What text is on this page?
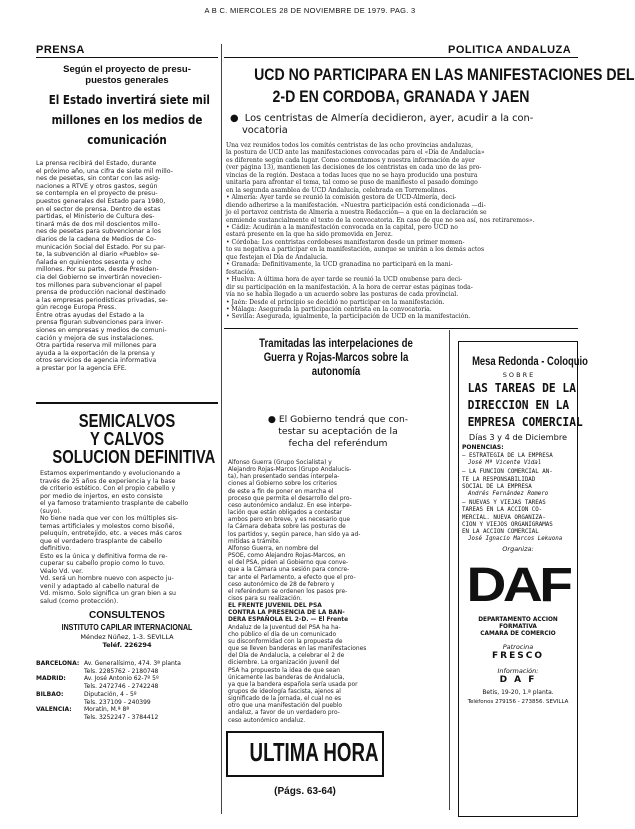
A B C. MIERCOLES 28 DE NOVIEMBRE DE 1979. PAG. 3
PRENSA	POLITICA ANDALUZA
Según el proyecto de presu-
puestos generales
El Estado invertirá siete mil
millones en los medios de
comunicación
La prensa recibirá del Estado, durante
el próximo año, una cifra de siete mil millo-
nes de pesetas, sin contar con las asig-
naciones a RTVE y otros gastos, según
se contempla en el proyecto de presu-
puestos generales del Estado para 1980,
en el sector de prensa. Dentro de estas
partidas, el Ministerio de Cultura des-
tinará más de dos mil doscientos millo-
nes de pesetas para subvencionar a los
diarios de la cadena de Medios de Co-
municación Social del Estado. Por su par-
te, la subvención al diario «Pueblo» se-
ñalada en quinientos sesenta y ocho
millones. Por su parte, desde Presiden-
cia del Gobierno se invertirán novecien-
tos millones para subvencionar el papel
prensa de producción nacional destinado
a las empresas periodísticas privadas, se-
gún recoge Europa Press.
Entre otras ayudas del Estado a la
prensa figuran subvenciones para inver-
siones en empresas y medios de comuni-
cación y mejora de sus instalaciones.
Otra partida reserva mil millones para
ayuda a la exportación de la prensa y
otros servicios de agencia informativa
a prestar por la agencia EFE.
SEMICALVOS
Y CALVOS
SOLUCION DEFINITIVA
Estamos experimentando y evolucionando a
través de 25 años de experiencia y la base
de criterio estético. Con el propio cabello y
por medio de injertos, en esto consiste
el ya famoso tratamiento trasplante de cabello
(suyo).
No tiene nada que ver con los múltiples sis-
temas artificiales y molestos como bisoñé,
peluquín, entretejido, etc. a veces más caros
que el verdadero trasplante de cabello
definitivo.
Esto es la única y definitiva forma de re-
cuperar su cabello propio como lo tuvo.
Véalo Vd. ver.
Vd. será un hombre nuevo con aspecto ju-
venil y adaptado al cabello natural de
Vd. mismo. Solo significa un gran bien a su
salud (como protección).
CONSULTENOS
INSTITUTO CAPILAR INTERNACIONAL
Méndez Núñez, 1-3. SEVILLA
Teléf. 226294
BARCELONA: Av. Generalísimo, 474. 3ª planta
Tels. 2285762 - 2180748
MADRID:	Av. José Antonio 62-7º 5º
Tels. 2472746 - 2742248
BILBAO:	Diputación, 4 - 5º
Tels. 237109 - 240399
VALENCIA:	Moratín, M.ª 8ª
Tels. 3252247 - 3784412
UCD NO PARTICIPARA EN LAS MANIFESTACIONES DEL
2-D EN CORDOBA, GRANADA Y JAEN
●  Los centristas de Almería decidieron, ayer, acudir a la con-
vocatoria
Una vez reunidos todos los comités centristas de las ocho provincias andaluzas,
la postura de UCD ante las manifestaciones convocadas para el «Día de Andalucía»
es diferente según cada lugar. Como comentamos y nuestra información de ayer
(ver página 13), mantienen las decisiones de los centristas en cada uno de las pro-
vincias de la región. Destaca a todas luces que no se haya producido una postura
unitaria para afrontar el tema, tal como se puso de manifiesto el pasado domingo
en la segunda asamblea de UCD Andalucía, celebrada en Torremolinos.
• Almería: Ayer tarde se reunió la comisión gestora de UCD-Almería, deci-
diendo adherirse a la manifestación. «Nuestra participación está condicionada —di-
jo el portavoz centrista de Almería a nuestra Redacción— a que en la declaración se
enmiende sustancialmente el texto de la convocatoria. En caso de que no sea así, nos retiraremos».
• Cádiz: Acudirán a la manifestación convocada en la capital, pero UCD no
estará presente en la que ha sido promovida en Jerez.
• Córdoba: Los centristas cordobeses manifestaron desde un primer momen-
to su negativa a participar en la manifestación, aunque se unirán a los demás actos
que festejan el Día de Andalucía.
• Granada: Definitivamente, la UCD granadina no participará en la mani-
festación.
• Huelva: A última hora de ayer tarde se reunió la UCD onubense para deci-
dir su participación en la manifestación. A la hora de cerrar estas páginas toda-
vía no se había llegado a un acuerdo sobre las posturas de cada provincial.
• Jaén: Desde el principio se decidió no participar en la manifestación.
• Málaga: Asegurada la participación centrista en la convocatoria.
• Sevilla: Asegurada, igualmente, la participación de UCD en la manifestación.
Tramitadas las interpelaciones de
Guerra y Rojas-Marcos sobre la
autonomía
● El Gobierno tendrá que con-
testar su aceptación de la
fecha del referéndum
Alfonso Guerra (Grupo Socialista) y
Alejandro Rojas-Marcos (Grupo Andalucis-
ta), han presentado sendas interpela-
ciones al Gobierno sobre los criterios
de este a fin de poner en marcha el
proceso que permita el desarrollo del pro-
ceso autonómico andaluz. En ese interpe-
lación que están obligados a contestar
ambos pero en breve, y es necesario que
la Cámara debata sobre las posturas de
los partidos y, según parece, han sido ya ad-
mitidas a trámite.
Alfonso Guerra, en nombre del
PSOE, como Alejandro Rojas-Marcos, en
el del PSA, piden al Gobierno que conve-
que a la Cámara una sesión para concre-
tar ante el Parlamento, a efecto que el pro-
ceso autonómico de 28 de febrero y
el referéndum se ordenen los pasos pre-
cisos para su realización.
EL FRENTE JUVENIL DEL PSA
CONTRA LA PRESENCIA DE LA BAN-
DERA ESPAÑOLA EL 2-D. — El Frente
Andaluz de la Juventud del PSA ha ha-
cho público el día de un comunicado
su disconformidad con la propuesta de
que se lleven banderas en las manifestaciones
del Día de Andalucía, a celebrar el 2 de
diciembre. La organización juvenil del
PSA ha propuesto la idea de que sean
únicamente las banderas de Andalucía,
ya que la bandera española sería usada por
grupos de ideología fascista, ajenos al
significado de la jornada, el cual no es
otro que una manifestación del pueblo
andaluz, a favor de un verdadero pro-
ceso autonómico andaluz.
ULTIMA HORA
(Págs. 63-64)
Mesa Redonda - Coloquio
S O B R E
LAS TAREAS DE LA
DIRECCION EN LA
EMPRESA COMERCIAL
Días 3 y 4 de Diciembre
PONENCIAS:
— ESTRATEGIA DE LA EMPRESA
José Mª Vicente Vidal
— LA FUNCION COMERCIAL AN-
TE LA RESPONSABILIDAD
SOCIAL DE LA EMPRESA
Andrés Fernández Romero
— NUEVAS Y VIEJAS TAREAS
TAREAS EN LA ACCION CO-
MERCIAL. NUEVA ORGANIZA-
CION Y VIEJOS ORGANIGRAMAS
EN LA ACCION COMERCIAL
José Ignacio Marcos Lekuona
Organiza:
DAF
DEPARTAMENTO ACCION
FORMATIVA
CAMARA DE COMERCIO
Patrocina
FRESCO
Información:
D A F
Betis, 19-20, 1.ª planta.
Teléfonos 279156 - 273856. SEVILLA
